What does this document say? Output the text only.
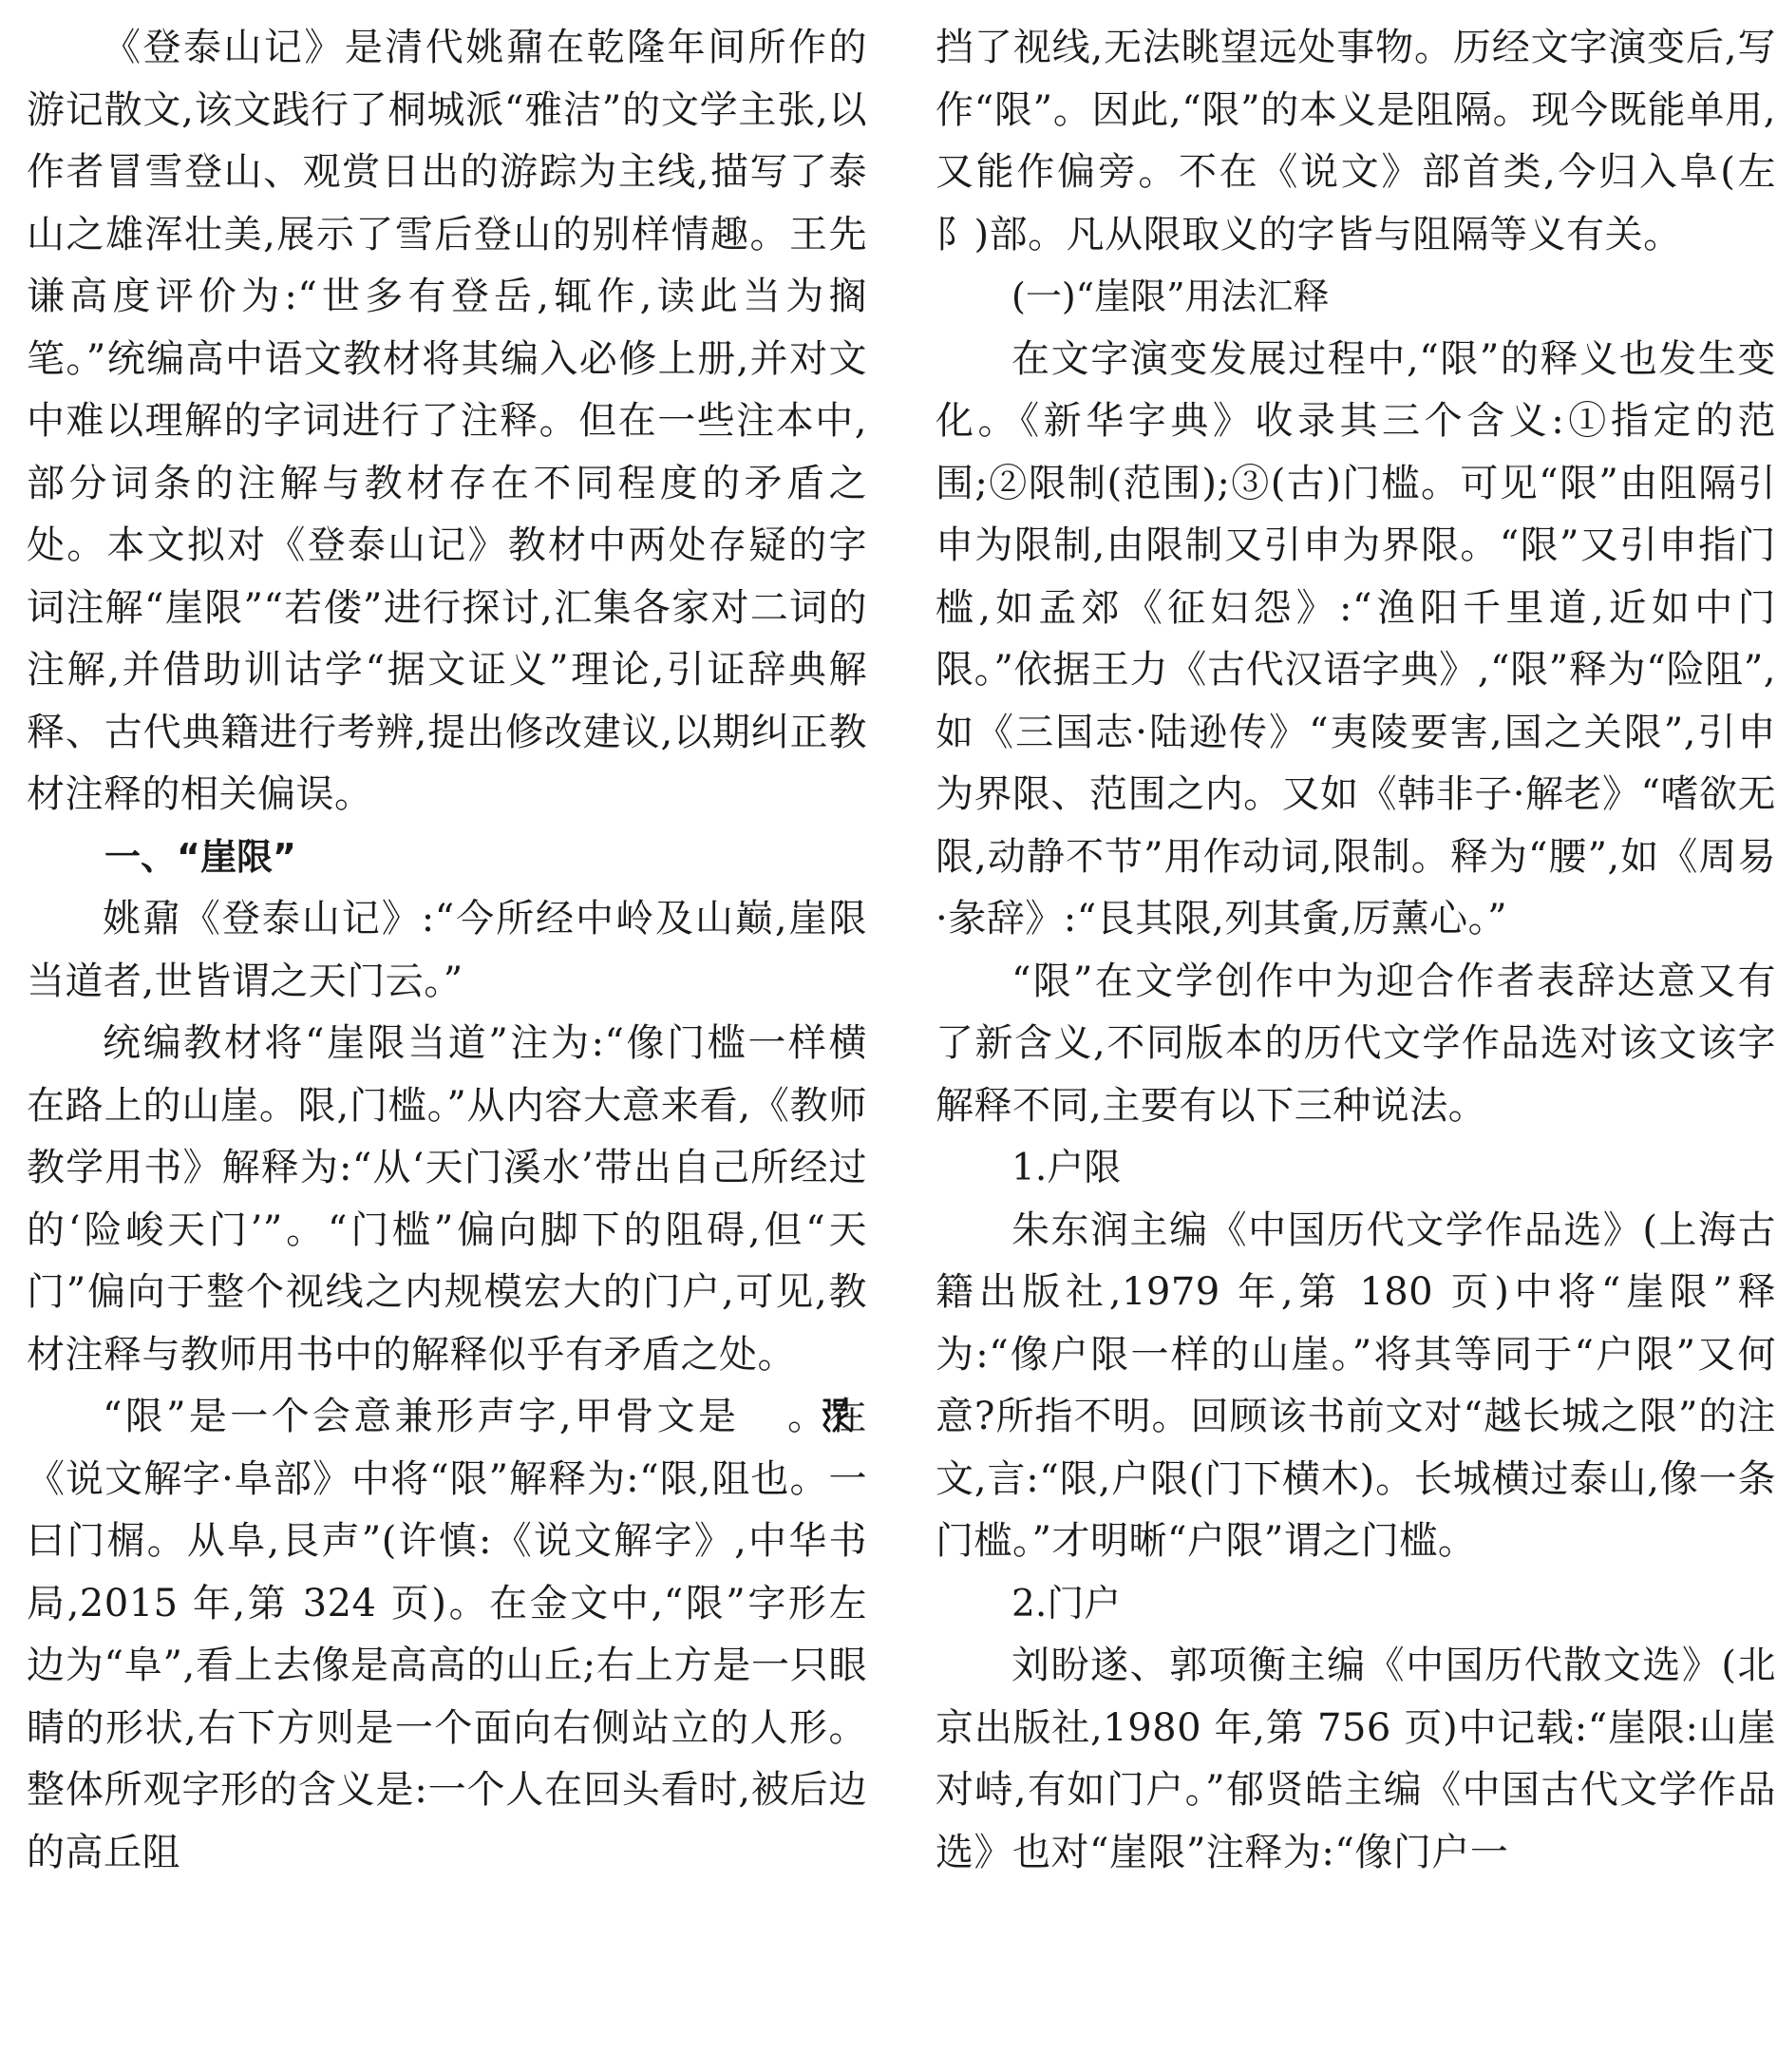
《登泰山记》是清代姚鼐在乾隆年间所作的游记散文,该文践行了桐城派“雅洁”的文学主张,以作者冒雪登山、观赏日出的游踪为主线,描写了泰山之雄浑壮美,展示了雪后登山的别样情趣。王先谦高度评价为:“世多有登岳,辄作,读此当为搁笔。”统编高中语文教材将其编入必修上册,并对文中难以理解的字词进行了注释。但在一些注本中,部分词条的注解与教材存在不同程度的矛盾之处。本文拟对《登泰山记》教材中两处存疑的字词注解“崖限”“若偻”进行探讨,汇集各家对二词的注解,并借助训诂学“据文证义”理论,引证辞典解释、古代典籍进行考辨,提出修改建议,以期纠正教材注释的相关偏误。

一、“崖限”

姚鼐《登泰山记》:“今所经中岭及山巅,崖限当道者,世皆谓之天门云。”

统编教材将“崖限当道”注为:“像门槛一样横在路上的山崖。限,门槛。”从内容大意来看,《教师教学用书》解释为:“从‘天门溪水’带出自己所经过的‘险峻天门’”。“门槛”偏向脚下的阻碍,但“天门”偏向于整个视线之内规模宏大的门户,可见,教材注释与教师用书中的解释似乎有矛盾之处。

“限”是一个会意兼形声字,甲骨文是 。在《说文解字·阜部》中将“限”解释为:“限,阻也。一曰门榍。从阜,艮声”(许慎:《说文解字》,中华书局,2015 年,第 324 页)。在金文中,“限”字形左边为“阜”,看上去像是高高的山丘;右上方是一只眼睛的形状,右下方则是一个面向右侧站立的人形。整体所观字形的含义是:一个人在回头看时,被后边的高丘阻

挡了视线,无法眺望远处事物。历经文字演变后,写作“限”。因此,“限”的本义是阻隔。现今既能单用,又能作偏旁。不在《说文》部首类,今归入阜(左阝)部。凡从限取义的字皆与阻隔等义有关。

(一)“崖限”用法汇释

在文字演变发展过程中,“限”的释义也发生变化。《新华字典》收录其三个含义:①指定的范围;②限制(范围);③(古)门槛。可见“限”由阻隔引申为限制,由限制又引申为界限。“限”又引申指门槛,如孟郊《征妇怨》:“渔阳千里道,近如中门限。”依据王力《古代汉语字典》,“限”释为“险阻”,如《三国志·陆逊传》“夷陵要害,国之关限”,引申为界限、范围之内。又如《韩非子·解老》“嗜欲无限,动静不节”用作动词,限制。释为“腰”,如《周易·彖辞》:“艮其限,列其夤,厉薰心。”

“限”在文学创作中为迎合作者表辞达意又有了新含义,不同版本的历代文学作品选对该文该字解释不同,主要有以下三种说法。

1.户限

朱东润主编《中国历代文学作品选》(上海古籍出版社,1979 年,第 180 页)中将“崖限”释为:“像户限一样的山崖。”将其等同于“户限”又何意?所指不明。回顾该书前文对“越长城之限”的注文,言:“限,户限(门下横木)。长城横过泰山,像一条门槛。”才明晰“户限”谓之门槛。

2.门户

刘盼遂、郭项衡主编《中国历代散文选》(北京出版社,1980 年,第 756 页)中记载:“崖限:山崖对峙,有如门户。”郁贤皓主编《中国古代文学作品选》也对“崖限”注释为:“像门户一
